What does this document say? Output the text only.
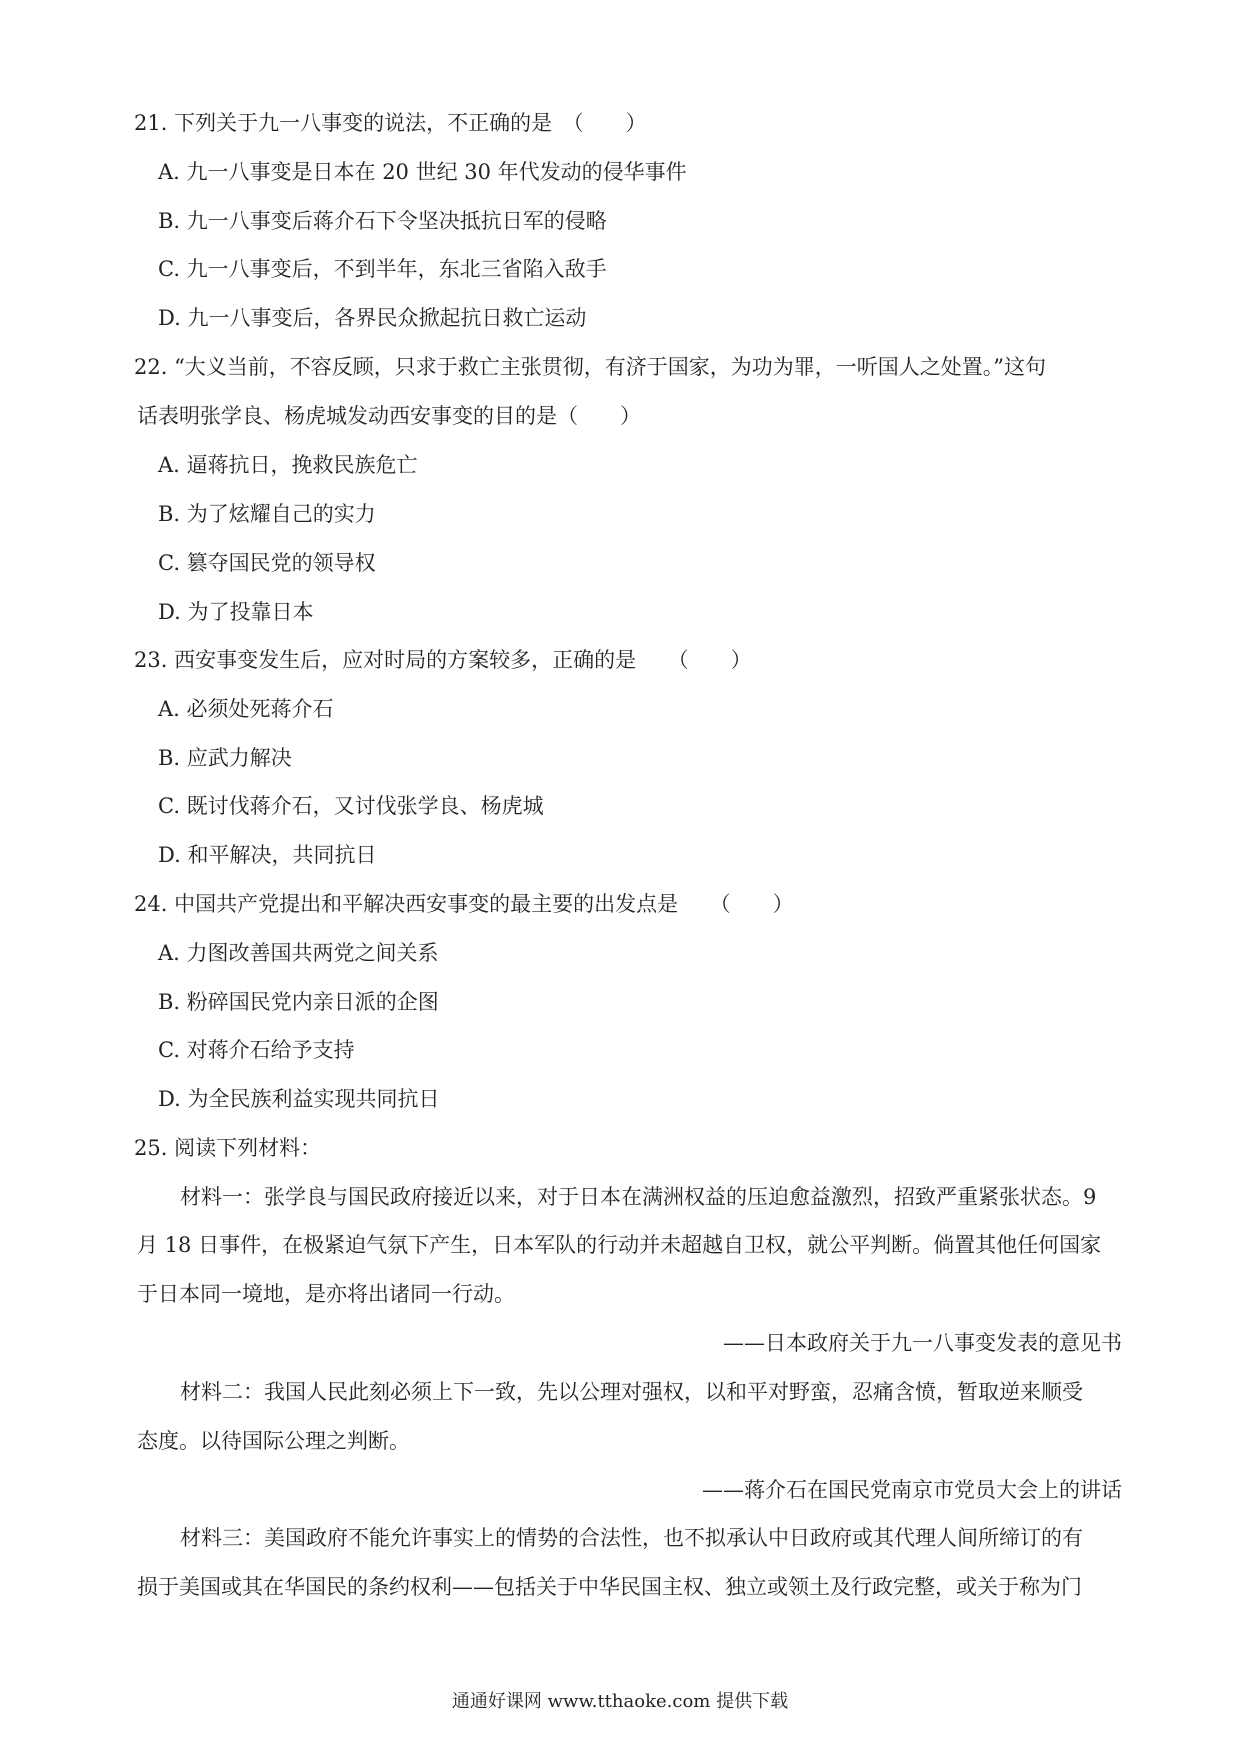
21. 下列关于九一八事变的说法，不正确的是　（　　）
A. 九一八事变是日本在 20 世纪 30 年代发动的侵华事件
B. 九一八事变后蒋介石下令坚决抵抗日军的侵略
C. 九一八事变后，不到半年，东北三省陷入敌手
D. 九一八事变后，各界民众掀起抗日救亡运动
22. “大义当前，不容反顾，只求于救亡主张贯彻，有济于国家，为功为罪，一听国人之处置。”这句
话表明张学良、杨虎城发动西安事变的目的是（　　）
A. 逼蒋抗日，挽救民族危亡
B. 为了炫耀自己的实力
C. 篡夺国民党的领导权
D. 为了投靠日本
23. 西安事变发生后，应对时局的方案较多，正确的是　　（　　）
A. 必须处死蒋介石
B. 应武力解决
C. 既讨伐蒋介石，又讨伐张学良、杨虎城
D. 和平解决，共同抗日
24. 中国共产党提出和平解决西安事变的最主要的出发点是　　（　　）
A. 力图改善国共两党之间关系
B. 粉碎国民党内亲日派的企图
C. 对蒋介石给予支持
D. 为全民族利益实现共同抗日
25. 阅读下列材料：
材料一：张学良与国民政府接近以来，对于日本在满洲权益的压迫愈益激烈，招致严重紧张状态。9
月 18 日事件，在极紧迫气氛下产生，日本军队的行动并未超越自卫权，就公平判断。倘置其他任何国家
于日本同一境地，是亦将出诸同一行动。
——日本政府关于九一八事变发表的意见书
材料二：我国人民此刻必须上下一致，先以公理对强权，以和平对野蛮，忍痛含愤，暂取逆来顺受
态度。以待国际公理之判断。
——蒋介石在国民党南京市党员大会上的讲话
材料三：美国政府不能允许事实上的情势的合法性，也不拟承认中日政府或其代理人间所缔订的有
损于美国或其在华国民的条约权利——包括关于中华民国主权、独立或领土及行政完整，或关于称为门
通通好课网 www.tthaoke.com 提供下载
